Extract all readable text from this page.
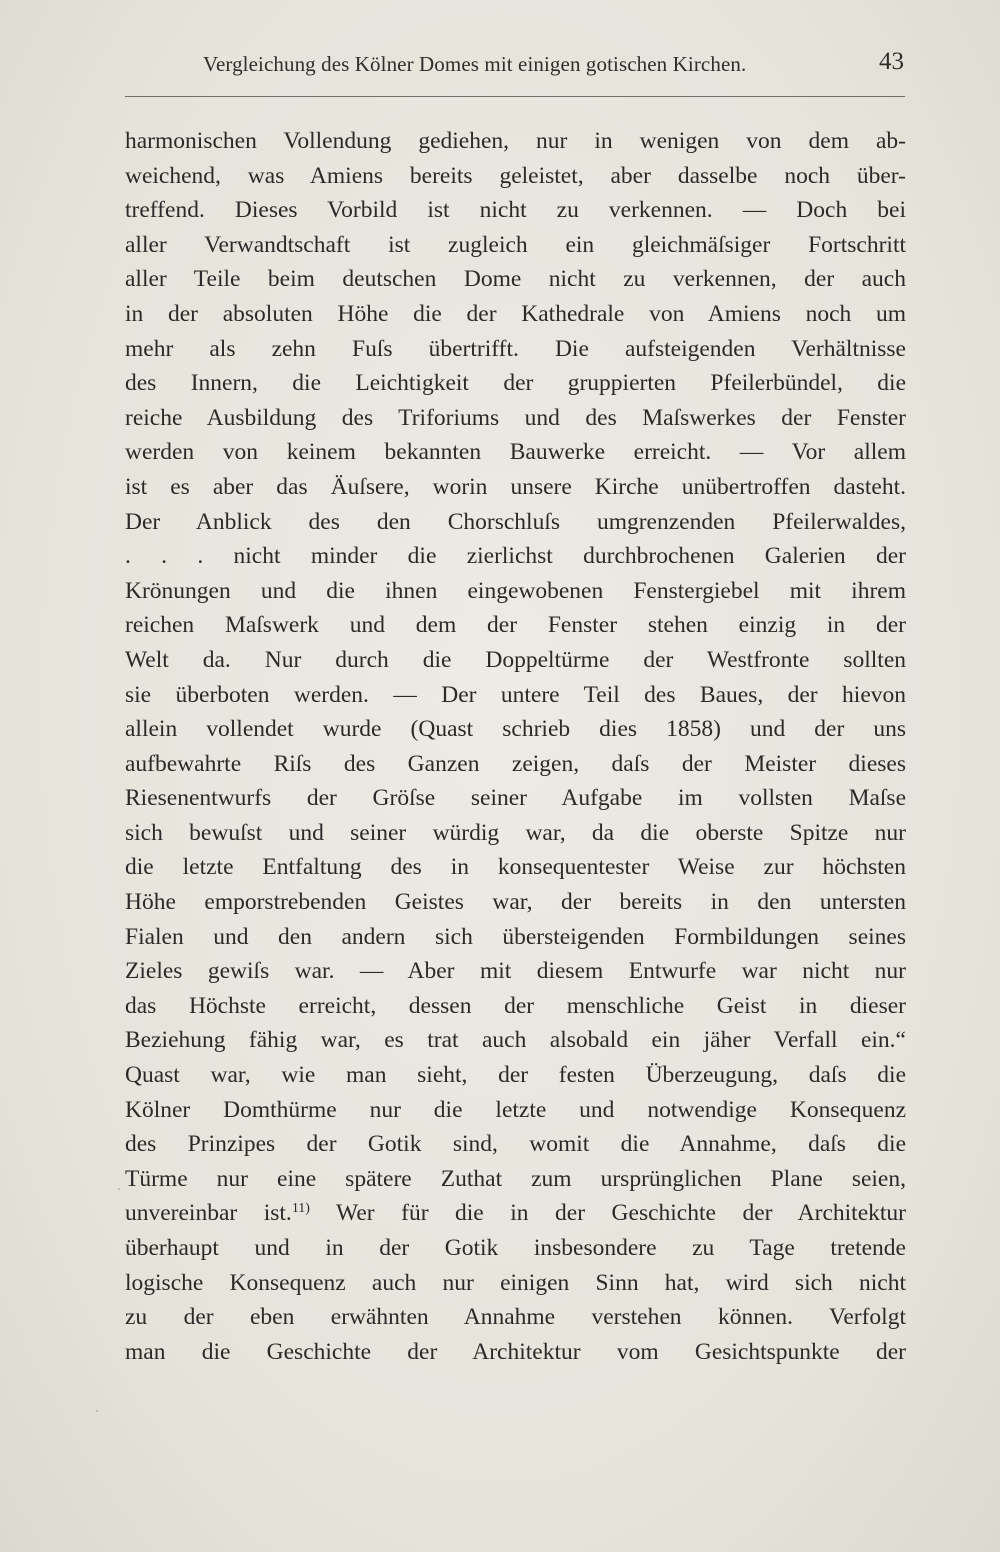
Vergleichung des Kölner Domes mit einigen gotischen Kirchen.	43
harmonischen Vollendung gediehen, nur in wenigen von dem ab-
weichend, was Amiens bereits geleistet, aber dasselbe noch über-
treffend. Dieses Vorbild ist nicht zu verkennen. — Doch bei
aller Verwandtschaft ist zugleich ein gleichmäſsiger Fortschritt
aller Teile beim deutschen Dome nicht zu verkennen, der auch
in der absoluten Höhe die der Kathedrale von Amiens noch um
mehr als zehn Fuſs übertrifft. Die aufsteigenden Verhältnisse
des Innern, die Leichtigkeit der gruppierten Pfeilerbündel, die
reiche Ausbildung des Triforiums und des Maſswerkes der Fenster
werden von keinem bekannten Bauwerke erreicht. — Vor allem
ist es aber das Äuſsere, worin unsere Kirche unübertroffen dasteht.
Der Anblick des den Chorschluſs umgrenzenden Pfeilerwaldes,
. . . nicht minder die zierlichst durchbrochenen Galerien der
Krönungen und die ihnen eingewobenen Fenstergiebel mit ihrem
reichen Maſswerk und dem der Fenster stehen einzig in der
Welt da. Nur durch die Doppeltürme der Westfronte sollten
sie überboten werden. — Der untere Teil des Baues, der hievon
allein vollendet wurde (Quast schrieb dies 1858) und der uns
aufbewahrte Riſs des Ganzen zeigen, daſs der Meister dieses
Riesenentwurfs der Gröſse seiner Aufgabe im vollsten Maſse
sich bewuſst und seiner würdig war, da die oberste Spitze nur
die letzte Entfaltung des in konsequentester Weise zur höchsten
Höhe emporstrebenden Geistes war, der bereits in den untersten
Fialen und den andern sich übersteigenden Formbildungen seines
Zieles gewiſs war. — Aber mit diesem Entwurfe war nicht nur
das Höchste erreicht, dessen der menschliche Geist in dieser
Beziehung fähig war, es trat auch alsobald ein jäher Verfall ein.“
Quast war, wie man sieht, der festen Überzeugung, daſs die
Kölner Domthürme nur die letzte und notwendige Konsequenz
des Prinzipes der Gotik sind, womit die Annahme, daſs die
Türme nur eine spätere Zuthat zum ursprünglichen Plane seien,
unvereinbar ist.$^{11)}$ Wer für die in der Geschichte der Architektur
überhaupt und in der Gotik insbesondere zu Tage tretende
logische Konsequenz auch nur einigen Sinn hat, wird sich nicht
zu der eben erwähnten Annahme verstehen können. Verfolgt
man die Geschichte der Architektur vom Gesichtspunkte der
